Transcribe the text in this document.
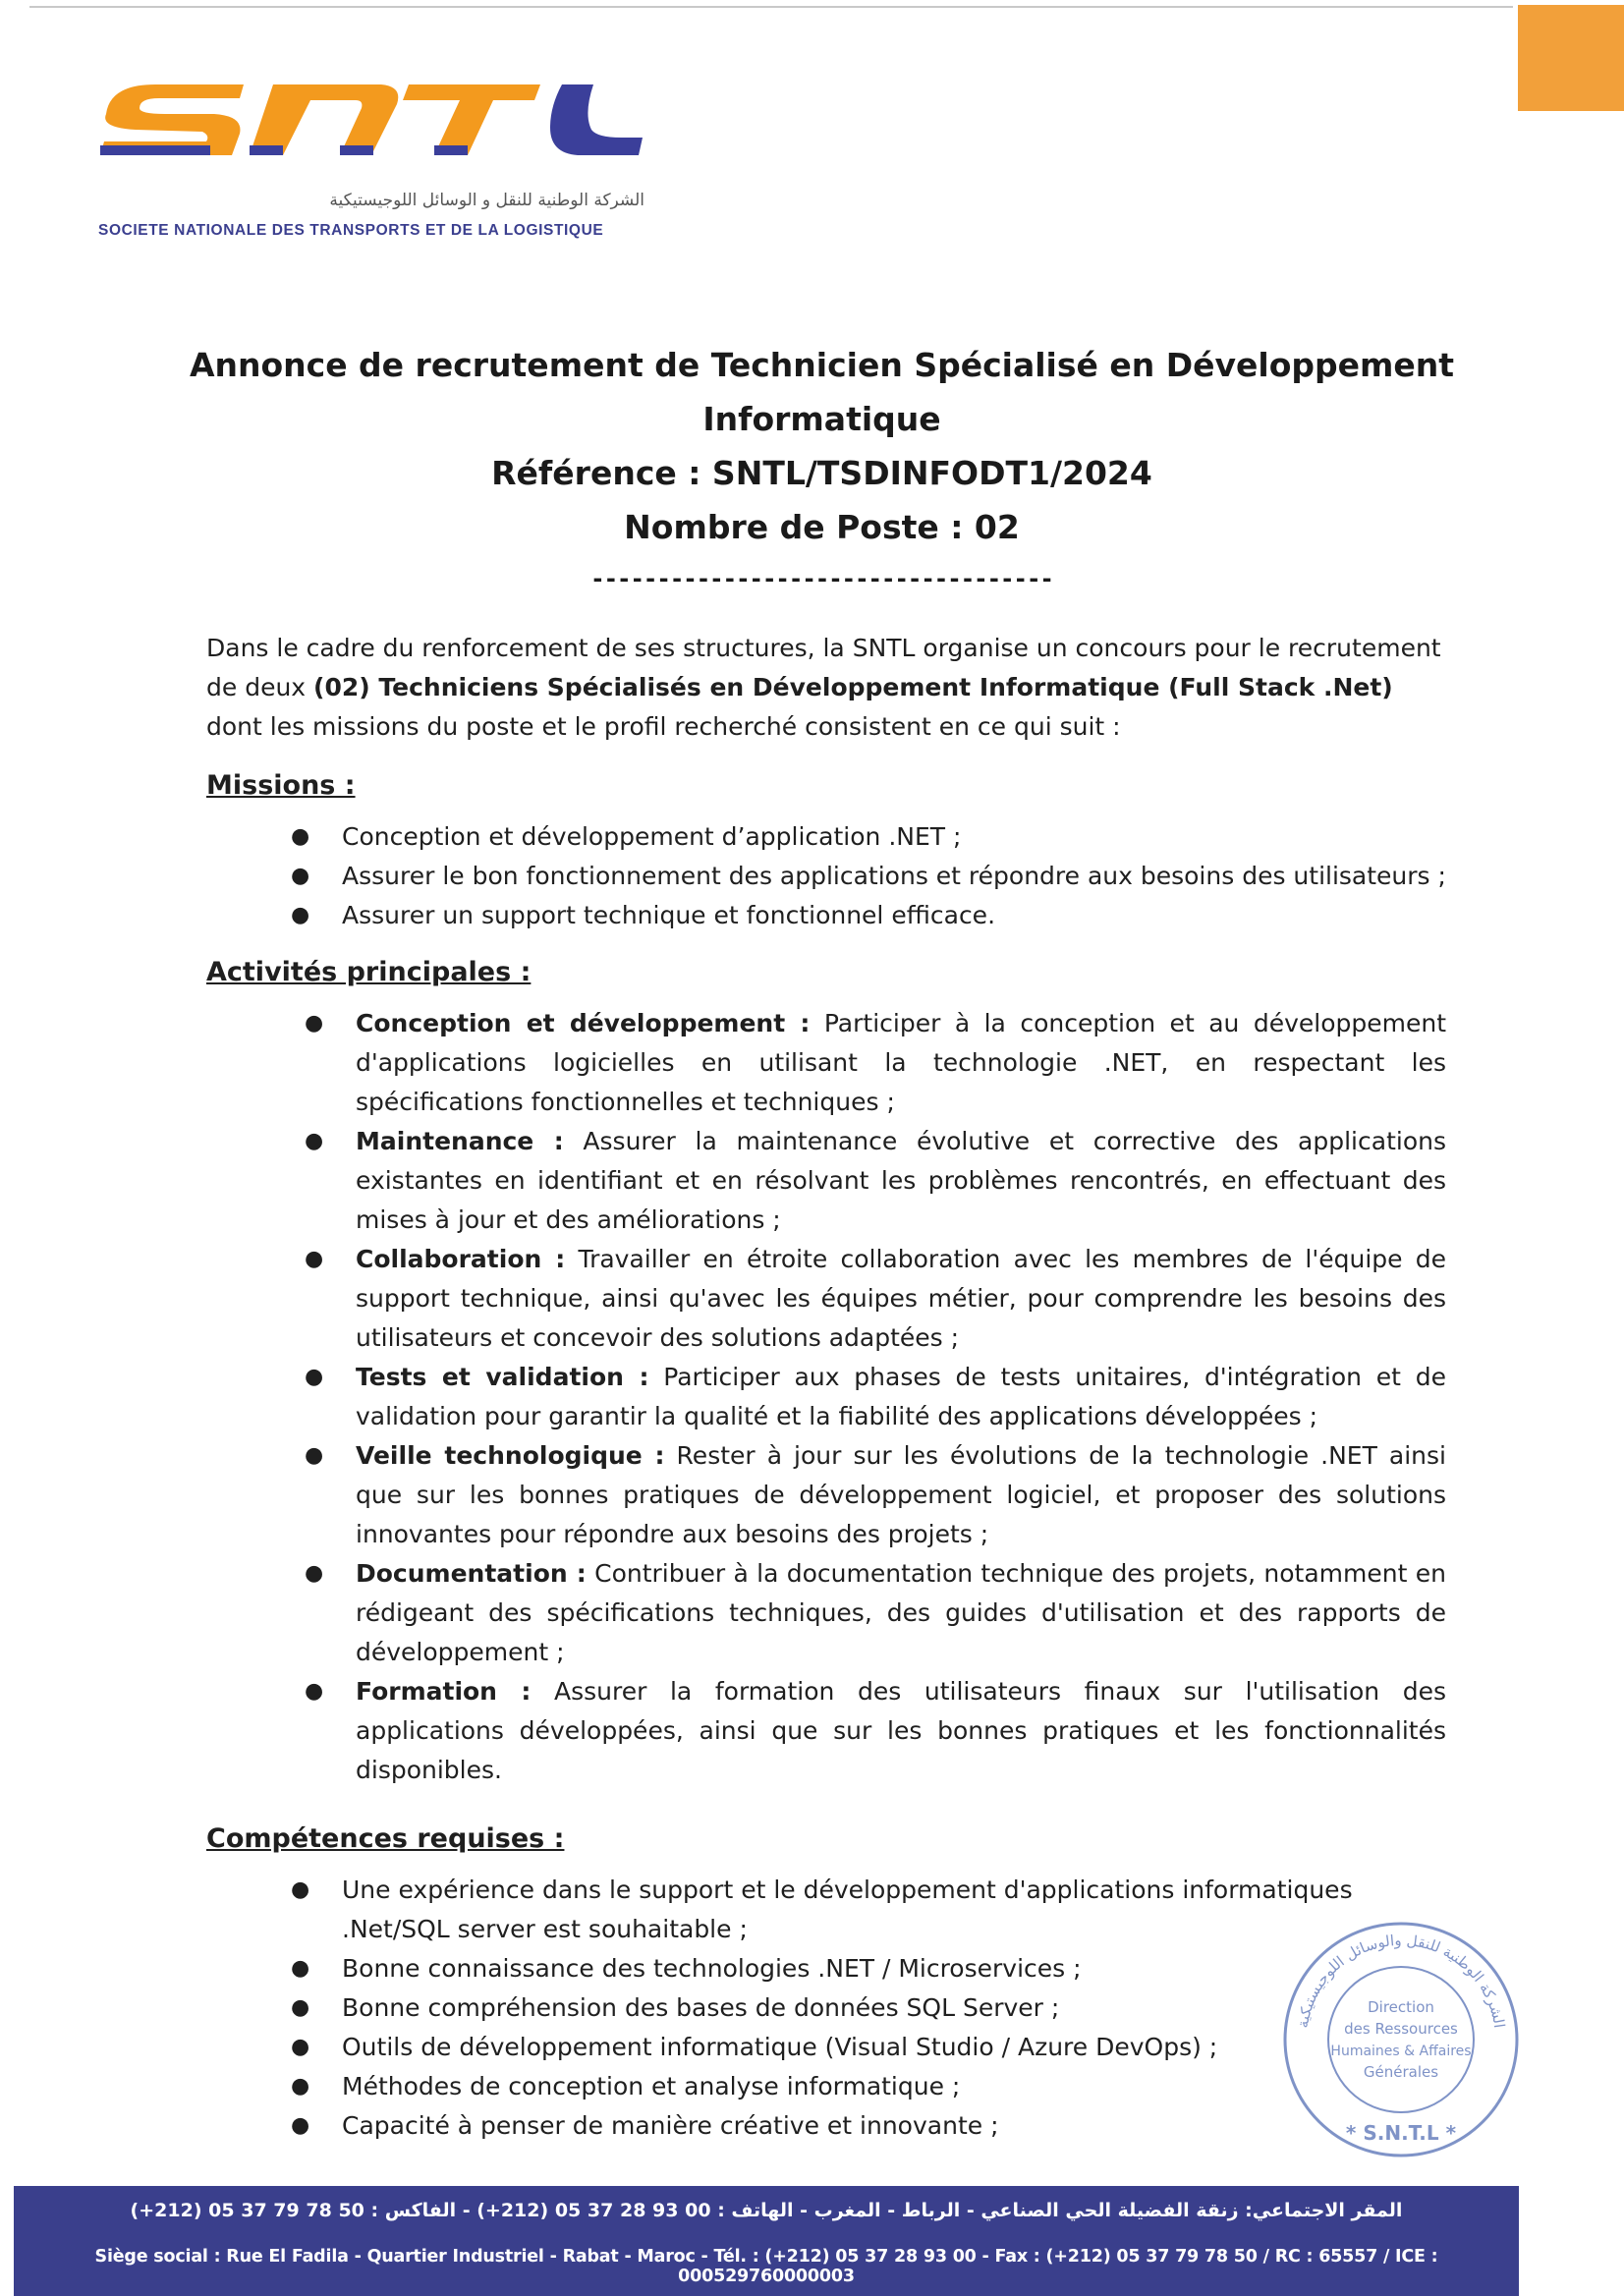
الشركة الوطنية للنقل و الوسائل اللوجيستيكية
SOCIETE NATIONALE DES TRANSPORTS ET DE LA LOGISTIQUE
Annonce de recrutement de Technicien Spécialisé en Développement
Informatique
Référence : SNTL/TSDINFODT1/2024
Nombre de Poste : 02
-----------------------------------

Dans le cadre du renforcement de ses structures, la SNTL organise un concours pour le recrutement de deux (02) Techniciens Spécialisés en Développement Informatique (Full Stack .Net) dont les missions du poste et le profil recherché consistent en ce qui suit :

Missions :
● Conception et développement d’application .NET ;
● Assurer le bon fonctionnement des applications et répondre aux besoins des utilisateurs ;
● Assurer un support technique et fonctionnel efficace.
Activités principales :
● Conception et développement : Participer à la conception et au développement d'applications logicielles en utilisant la technologie .NET, en respectant les spécifications fonctionnelles et techniques ;
● Maintenance : Assurer la maintenance évolutive et corrective des applications existantes en identifiant et en résolvant les problèmes rencontrés, en effectuant des mises à jour et des améliorations ;
● Collaboration : Travailler en étroite collaboration avec les membres de l'équipe de support technique, ainsi qu'avec les équipes métier, pour comprendre les besoins des utilisateurs et concevoir des solutions adaptées ;
● Tests et validation : Participer aux phases de tests unitaires, d'intégration et de validation pour garantir la qualité et la fiabilité des applications développées ;
● Veille technologique : Rester à jour sur les évolutions de la technologie .NET ainsi que sur les bonnes pratiques de développement logiciel, et proposer des solutions innovantes pour répondre aux besoins des projets ;
● Documentation : Contribuer à la documentation technique des projets, notamment en rédigeant des spécifications techniques, des guides d'utilisation et des rapports de développement ;
● Formation : Assurer la formation des utilisateurs finaux sur l'utilisation des applications développées, ainsi que sur les bonnes pratiques et les fonctionnalités disponibles.
Compétences requises :
● Une expérience dans le support et le développement d'applications informatiques .Net/SQL server est souhaitable ;
● Bonne connaissance des technologies .NET / Microservices ;
● Bonne compréhension des bases de données SQL Server ;
● Outils de développement informatique (Visual Studio / Azure DevOps) ;
● Méthodes de conception et analyse informatique ;
● Capacité à penser de manière créative et innovante ;
الشركة الوطنية للنقل والوسائل اللوجيستيكية
Direction
des Ressources
Humaines & Affaires
Générales
* S.N.T.L *
المقر الاجتماعي: زنقة الفضيلة الحي الصناعي - الرباط - المغرب - الهاتف : 00 93 28 37 05 (212+) - الفاكس : 50 78 79 37 05 (212+)
Siège social : Rue El Fadila - Quartier Industriel - Rabat - Maroc - Tél. : (+212) 05 37 28 93 00 - Fax : (+212) 05 37 79 78 50 / RC : 65557 / ICE : 000529760000003
